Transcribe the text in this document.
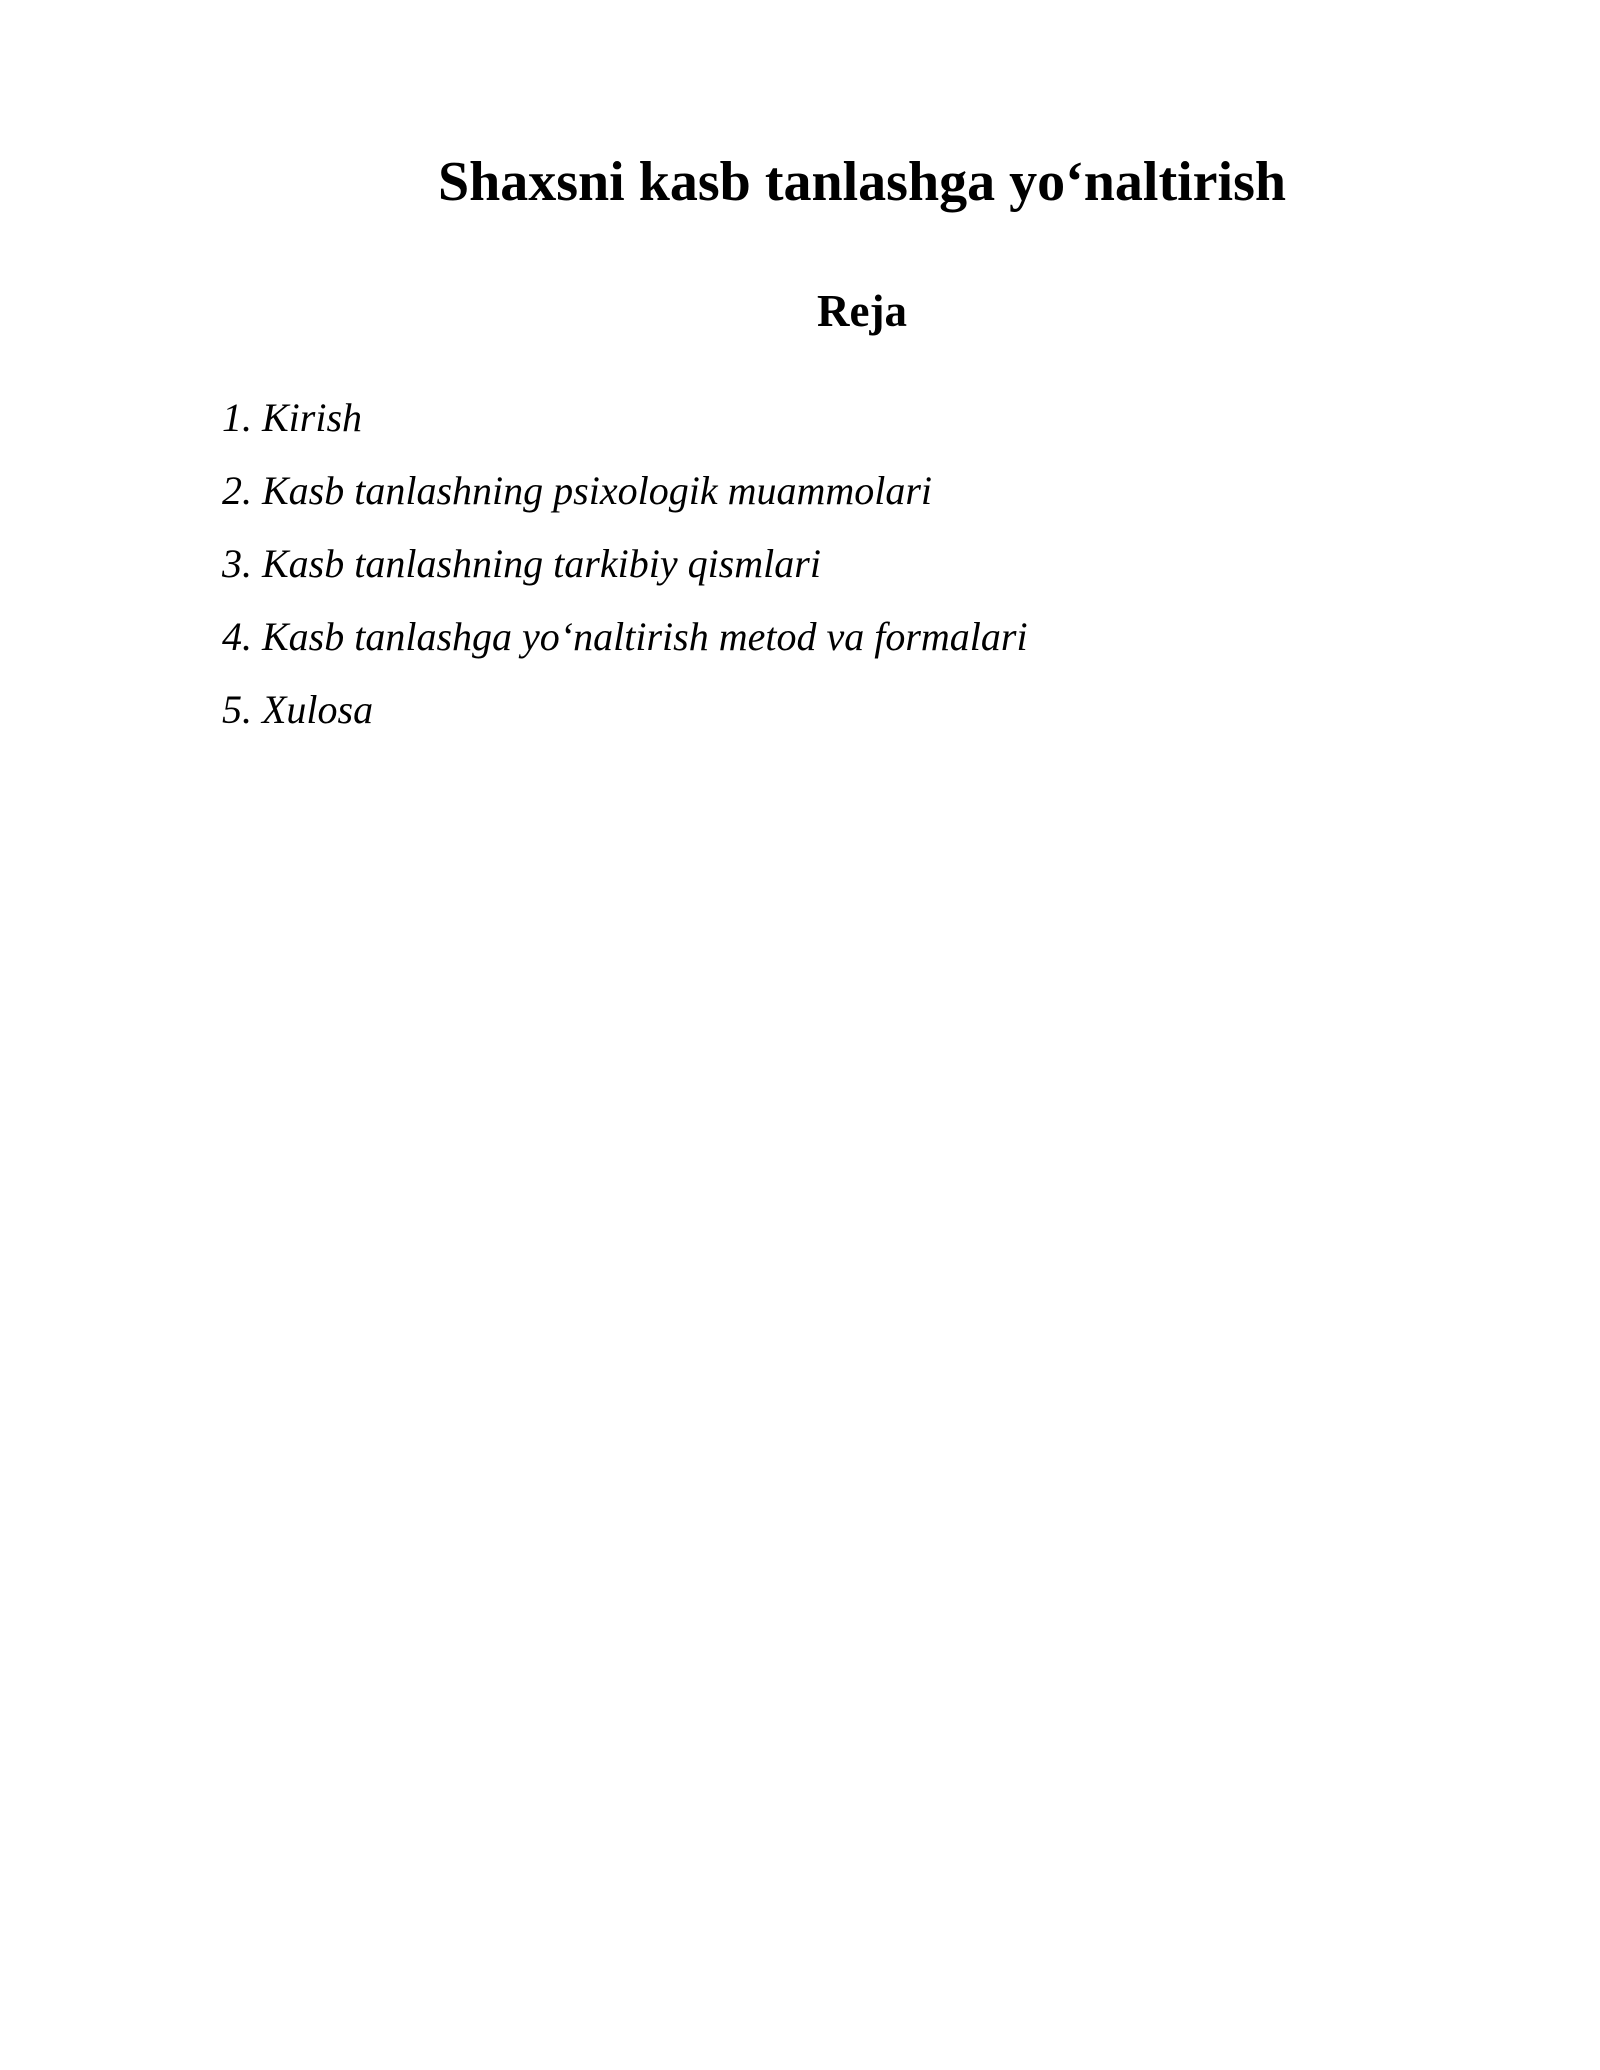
Shaxsni kasb tanlashga yo‘naltirish
Reja
1. Kirish
2. Kasb tanlashning psixologik muammolari
3. Kasb tanlashning tarkibiy qismlari
4. Kasb tanlashga yo‘naltirish metod va formalari
5. Xulosa
